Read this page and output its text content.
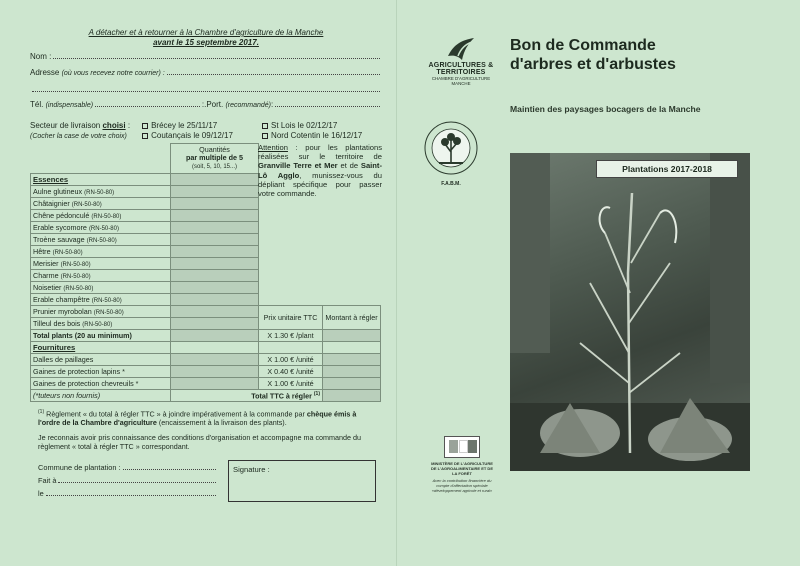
A détacher et à retourner à la Chambre d'agriculture de la Manche
avant le 15 septembre 2017.
Nom :
Adresse
(où vous recevez notre courrier) :
Tél.
(indispensable)	:.Port.
(recommandé) :
Secteur de livraison choisi :
(Cocher la case de votre choix)
Brécey le 25/11/17
Coutançais le 09/12/17
St Lois le 02/12/17
Nord Cotentin le 16/12/17
	Quantités
par multiple de 5
(soit, 5, 10, 15...)		
Essences			
Aulne glutineux (RN-50-80)			
Châtaignier (RN-50-80)			
Chêne pédonculé (RN-50-80)			
Erable sycomore (RN-50-80)			
Troène sauvage (RN-50-80)			
Hêtre (RN-50-80)			
Merisier (RN-50-80)			
Charme (RN-50-80)			
Noisetier (RN-50-80)			
Erable champêtre (RN-50-80)			
Prunier myrobolan (RN-50-80)		Prix unitaire TTC	Montant à régler
Tilleul des bois (RN-50-80)			
Total plants (20 au minimum)		X 1.30 € /plant	
Fournitures			
Dalles de paillages		X 1.00 € /unité	
Gaines de protection lapins *		X 0.40 € /unité	
Gaines de protection chevreuils *		X 1.00 € /unité	
(*tuteurs non fournis)	Total TTC à régler $^{(1)}$	
Attention : pour les plantations réalisées sur le territoire de Granville Terre et Mer et de Saint-Lô Agglo, munissez-vous du dépliant spécifique pour passer votre commande.

$^{(1)}$ Règlement « du total à régler TTC » à joindre impérativement à la commande par chèque émis à l'ordre de la Chambre d'agriculture (encaissement à la livraison des plants).

Je reconnais avoir pris connaissance des conditions d'organisation et accompagne ma commande du règlement « total à régler TTC » correspondant.

Commune de plantation :
Fait à
le
Signature :
AGRICULTURES & TERRITOIRES
CHAMBRE D'AGRICULTURE
MANCHE
Bon de Commande
d'arbres et d'arbustes
Maintien des paysages bocagers de la Manche
F.A.B.M.
Plantations 2017-2018
MINISTÈRE DE L'AGRICULTURE DE L'AGROALIMENTAIRE ET DE LA FORÊT
Avec la contribution financière du compte d'affectation spéciale «développement agricole et rural»
